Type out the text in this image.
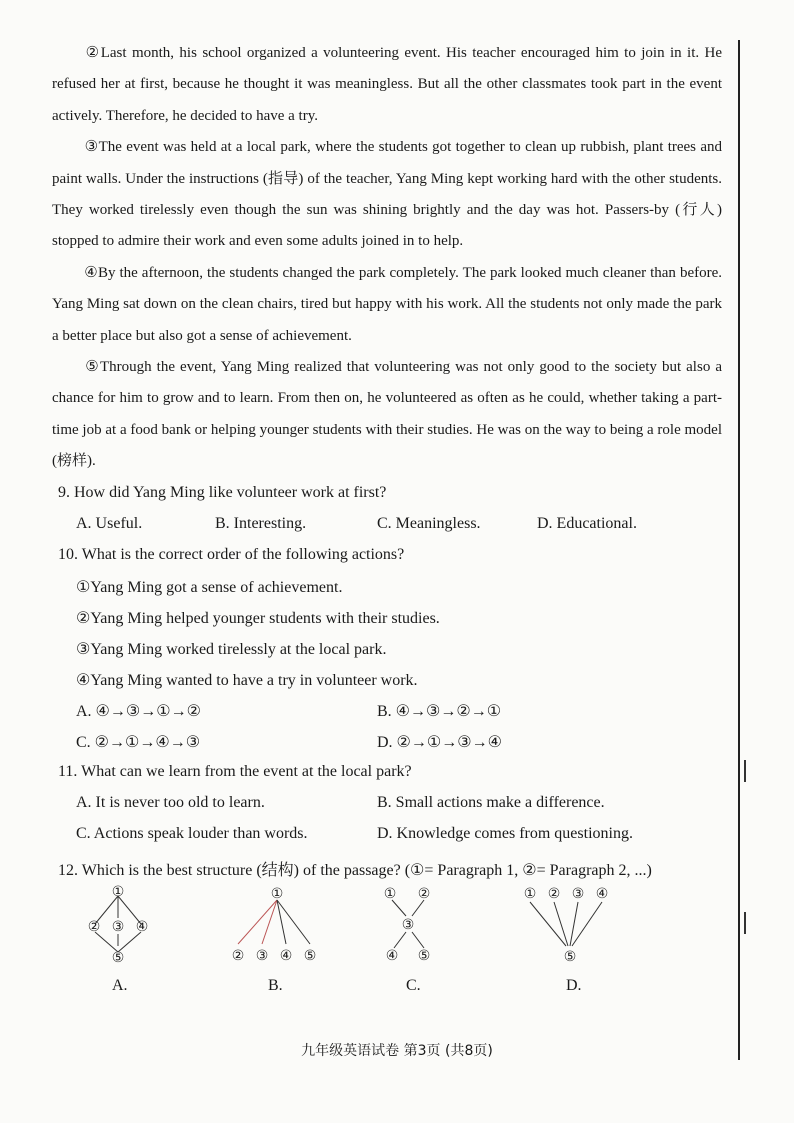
②Last month, his school organized a volunteering event. His teacher encouraged him to join in it. He refused her at first, because he thought it was meaningless. But all the other classmates took part in the event actively. Therefore, he decided to have a try.

③The event was held at a local park, where the students got together to clean up rubbish, plant trees and paint walls. Under the instructions (指导) of the teacher, Yang Ming kept working hard with the other students. They worked tirelessly even though the sun was shining brightly and the day was hot. Passers-by (行人) stopped to admire their work and even some adults joined in to help.

④By the afternoon, the students changed the park completely. The park looked much cleaner than before. Yang Ming sat down on the clean chairs, tired but happy with his work. All the students not only made the park a better place but also got a sense of achievement.

⑤Through the event, Yang Ming realized that volunteering was not only good to the society but also a chance for him to grow and to learn. From then on, he volunteered as often as he could, whether taking a part-time job at a food bank or helping younger students with their studies. He was on the way to being a role model (榜样).

9. How did Yang Ming like volunteer work at first?
A. Useful.	B. Interesting.	C. Meaningless.	D. Educational.
10. What is the correct order of the following actions?
①Yang Ming got a sense of achievement.
②Yang Ming helped younger students with their studies.
③Yang Ming worked tirelessly at the local park.
④Yang Ming wanted to have a try in volunteer work.
A. ④→③→①→②	B. ④→③→②→①
C. ②→①→④→③	D. ②→①→③→④
11. What can we learn from the event at the local park?
A. It is never too old to learn.	B. Small actions make a difference.
C. Actions speak louder than words.	D. Knowledge comes from questioning.
12. Which is the best structure (结构) of the passage? (①= Paragraph 1, ②= Paragraph 2, ...)
①
② ③ ④
⑤
①
② ③ ④ ⑤
① ②
③
④ ⑤
① ② ③ ④
⑤
A.	B.	C.	D.
九年级英语试卷 第3页 (共8页)
